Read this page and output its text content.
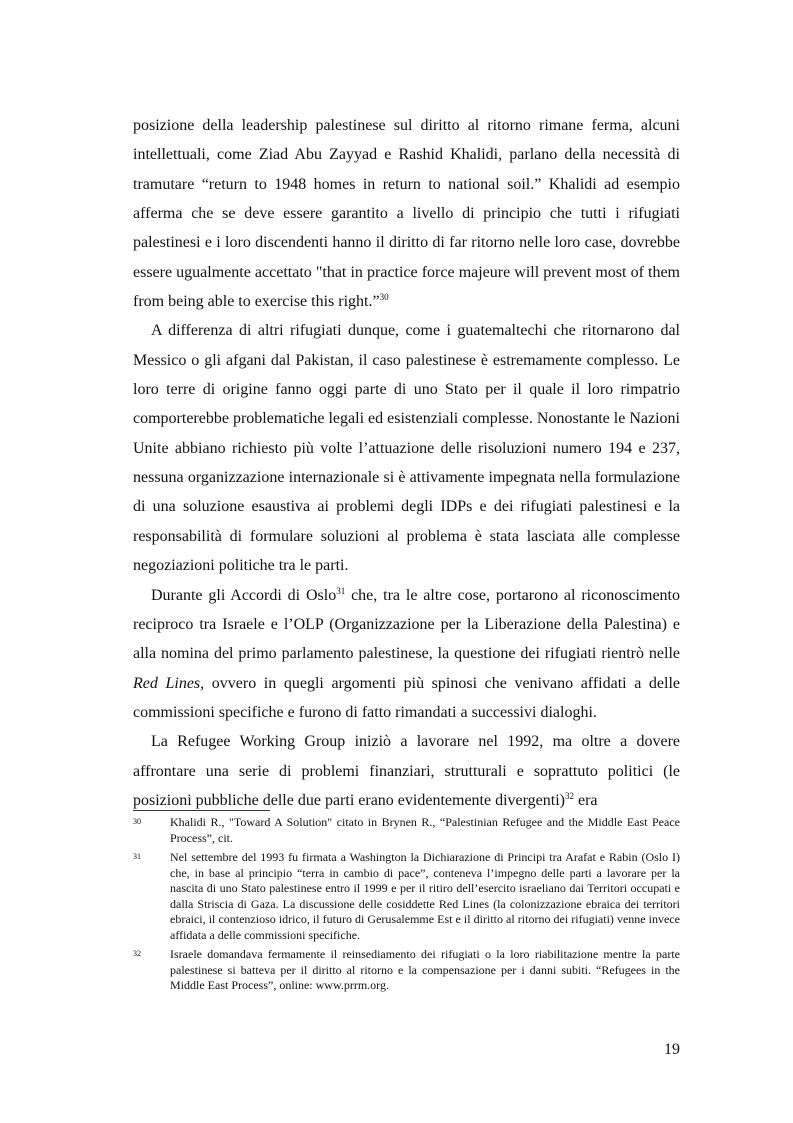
posizione della leadership palestinese sul diritto al ritorno rimane ferma, alcuni intellettuali, come Ziad Abu Zayyad e Rashid Khalidi, parlano della necessità di tramutare “return to 1948 homes in return to national soil.” Khalidi ad esempio afferma che se deve essere garantito a livello di principio che tutti i rifugiati palestinesi e i loro discendenti hanno il diritto di far ritorno nelle loro case, dovrebbe essere ugualmente accettato "that in practice force majeure will prevent most of them from being able to exercise this right.”$^{30}$

A differenza di altri rifugiati dunque, come i guatemaltechi che ritornarono dal Messico o gli afgani dal Pakistan, il caso palestinese è estremamente complesso. Le loro terre di origine fanno oggi parte di uno Stato per il quale il loro rimpatrio comporterebbe problematiche legali ed esistenziali complesse. Nonostante le Nazioni Unite abbiano richiesto più volte l’attuazione delle risoluzioni numero 194 e 237, nessuna organizzazione internazionale si è attivamente impegnata nella formulazione di una soluzione esaustiva ai problemi degli IDPs e dei rifugiati palestinesi e la responsabilità di formulare soluzioni al problema è stata lasciata alle complesse negoziazioni politiche tra le parti.

Durante gli Accordi di Oslo$^{31}$ che, tra le altre cose, portarono al riconoscimento reciproco tra Israele e l’OLP (Organizzazione per la Liberazione della Palestina) e alla nomina del primo parlamento palestinese, la questione dei rifugiati rientrò nelle Red Lines, ovvero in quegli argomenti più spinosi che venivano affidati a delle commissioni specifiche e furono di fatto rimandati a successivi dialoghi.

La Refugee Working Group iniziò a lavorare nel 1992, ma oltre a dovere affrontare una serie di problemi finanziari, strutturali e soprattuto politici (le posizioni pubbliche delle due parti erano evidentemente divergenti)$^{32}$ era

30 Khalidi R., "Toward A Solution" citato in Brynen R., “Palestinian Refugee and the Middle East Peace Process”, cit.
31 Nel settembre del 1993 fu firmata a Washington la Dichiarazione di Principi tra Arafat e Rabin (Oslo I) che, in base al principio “terra in cambio di pace”, conteneva l’impegno delle parti a lavorare per la nascita di uno Stato palestinese entro il 1999 e per il ritiro dell’esercito israeliano dai Territori occupati e dalla Striscia di Gaza. La discussione delle cosiddette Red Lines (la colonizzazione ebraica dei territori ebraici, il contenzioso idrico, il futuro di Gerusalemme Est e il diritto al ritorno dei rifugiati) venne invece affidata a delle commissioni specifiche.
32 Israele domandava fermamente il reinsediamento dei rifugiati o la loro riabilitazione mentre la parte palestinese si batteva per il diritto al ritorno e la compensazione per i danni subiti. “Refugees in the Middle East Process”, online: www.prrm.org.
19
